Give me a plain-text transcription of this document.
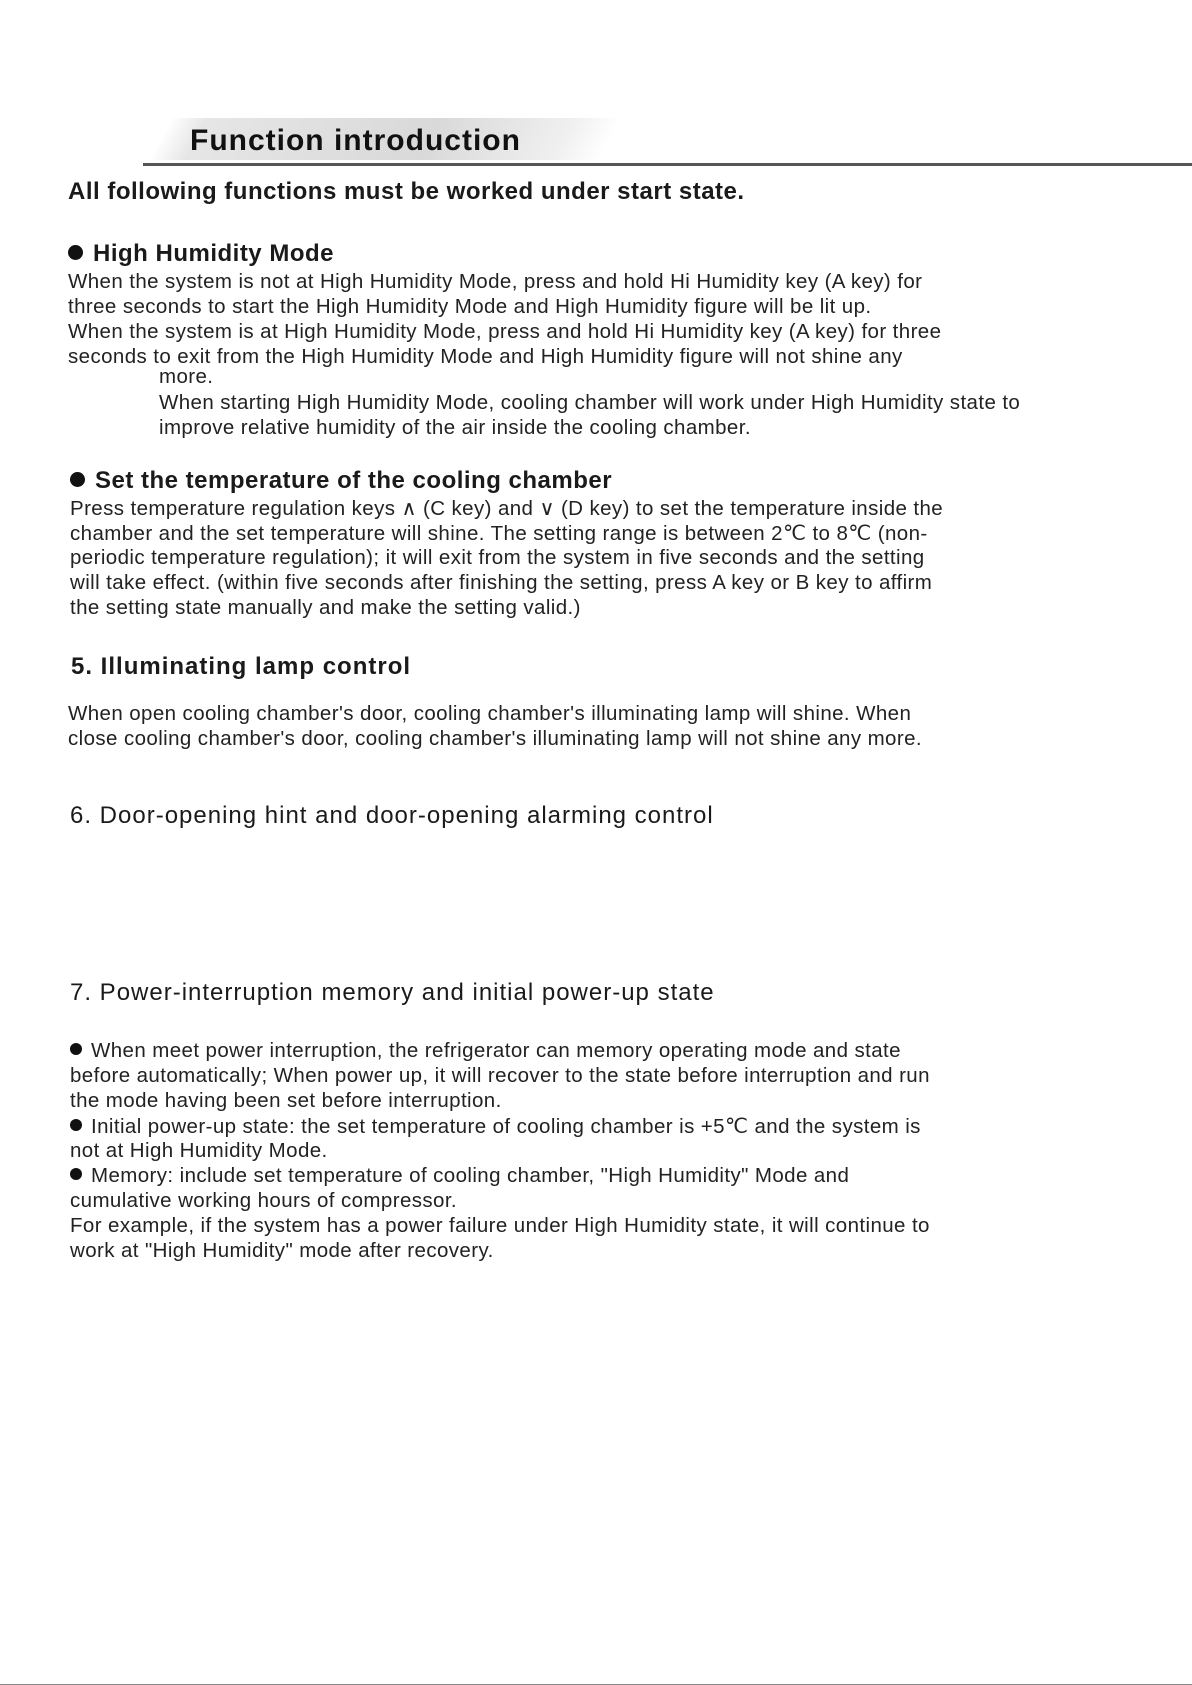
Function introduction
All following functions must be worked under start state.
High Humidity Mode
When the system is not at High Humidity Mode, press and hold Hi Humidity key (A key) for
three seconds to start the High Humidity Mode and High Humidity figure will be lit up.
When the system is at High Humidity Mode, press and hold Hi Humidity key (A key) for three
seconds to exit from the High Humidity Mode and High Humidity figure will not shine any
more.
When starting High Humidity Mode, cooling chamber will work under High Humidity state to
improve relative humidity of the air inside the cooling chamber.
Set the temperature of the cooling chamber
Press temperature regulation keys ∧ (C key) and ∨ (D key) to set the temperature inside the
chamber and the set temperature will shine. The setting range is between 2℃ to 8℃ (non-
periodic temperature regulation); it will exit from the system in five seconds and the setting
will take effect. (within five seconds after finishing the setting, press A key or B key to affirm
the setting state manually and make the setting valid.)
5. Illuminating lamp control
When open cooling chamber's door, cooling chamber's illuminating lamp will shine. When
close cooling chamber's door, cooling chamber's illuminating lamp will not shine any more.
6. Door-opening hint and door-opening alarming control
7. Power-interruption memory and initial power-up state
When meet power interruption, the refrigerator can memory operating mode and state
before automatically; When power up, it will recover to the state before interruption and run
the mode having been set before interruption.
Initial power-up state: the set temperature of cooling chamber is +5℃ and the system is
not at High Humidity Mode.
Memory: include set temperature of cooling chamber, "High Humidity" Mode and
cumulative working hours of compressor.
For example, if the system has a power failure under High Humidity state, it will continue to
work at "High Humidity" mode after recovery.
